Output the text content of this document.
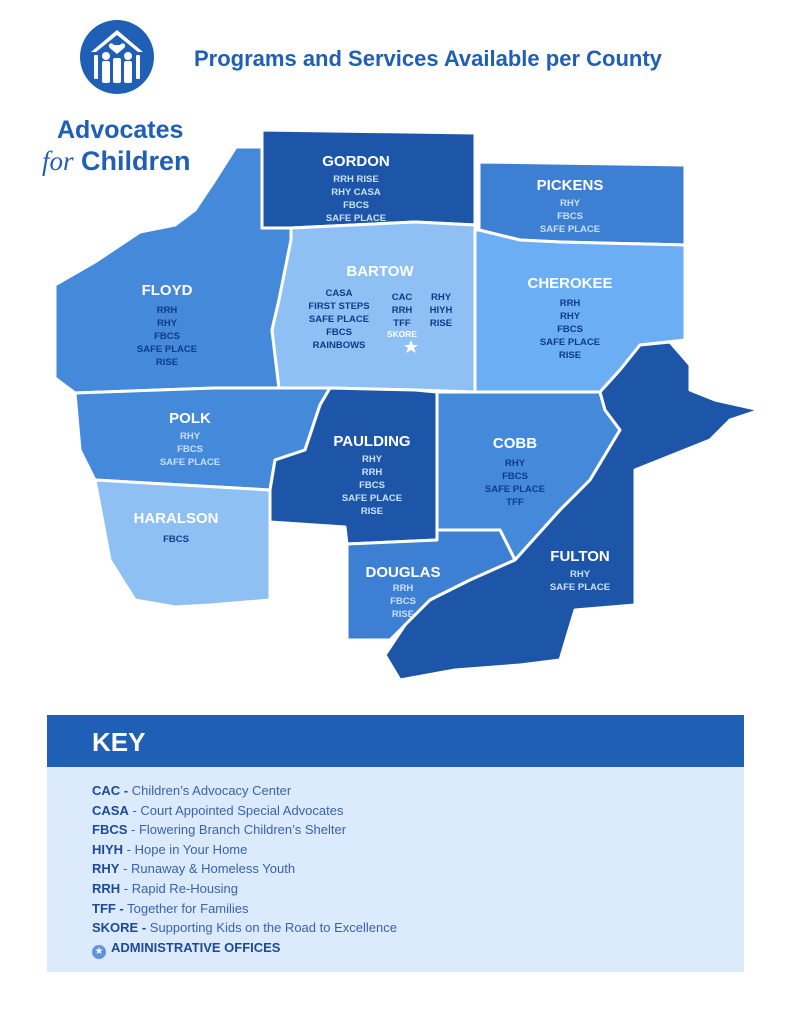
Advocates
for Children
Programs and Services Available per County
GORDON
RRH RISE
RHY CASA
FBCS
SAFE PLACE
PICKENS
RHY
FBCS
SAFE PLACE
FLOYD
RRH
RHY
FBCS
SAFE PLACE
RISE
BARTOW
CASA
FIRST STEPS
SAFE PLACE
FBCS
RAINBOWS
CAC
RRH
TFF
SKORE
RHY
HIYH
RISE
CHEROKEE
RRH
RHY
FBCS
SAFE PLACE
RISE
POLK
RHY
FBCS
SAFE PLACE
PAULDING
RHY
RRH
FBCS
SAFE PLACE
RISE
COBB
RHY
FBCS
SAFE PLACE
TFF
HARALSON
FBCS
DOUGLAS
RRH
FBCS
RISE
FULTON
RHY
SAFE PLACE
KEY
CAC - Children’s Advocacy Center
CASA - Court Appointed Special Advocates
FBCS - Flowering Branch Children’s Shelter
HIYH - Hope in Your Home
RHY - Runaway & Homeless Youth
RRH - Rapid Re-Housing
TFF - Together for Families
SKORE - Supporting Kids on the Road to Excellence
★ ADMINISTRATIVE OFFICES
